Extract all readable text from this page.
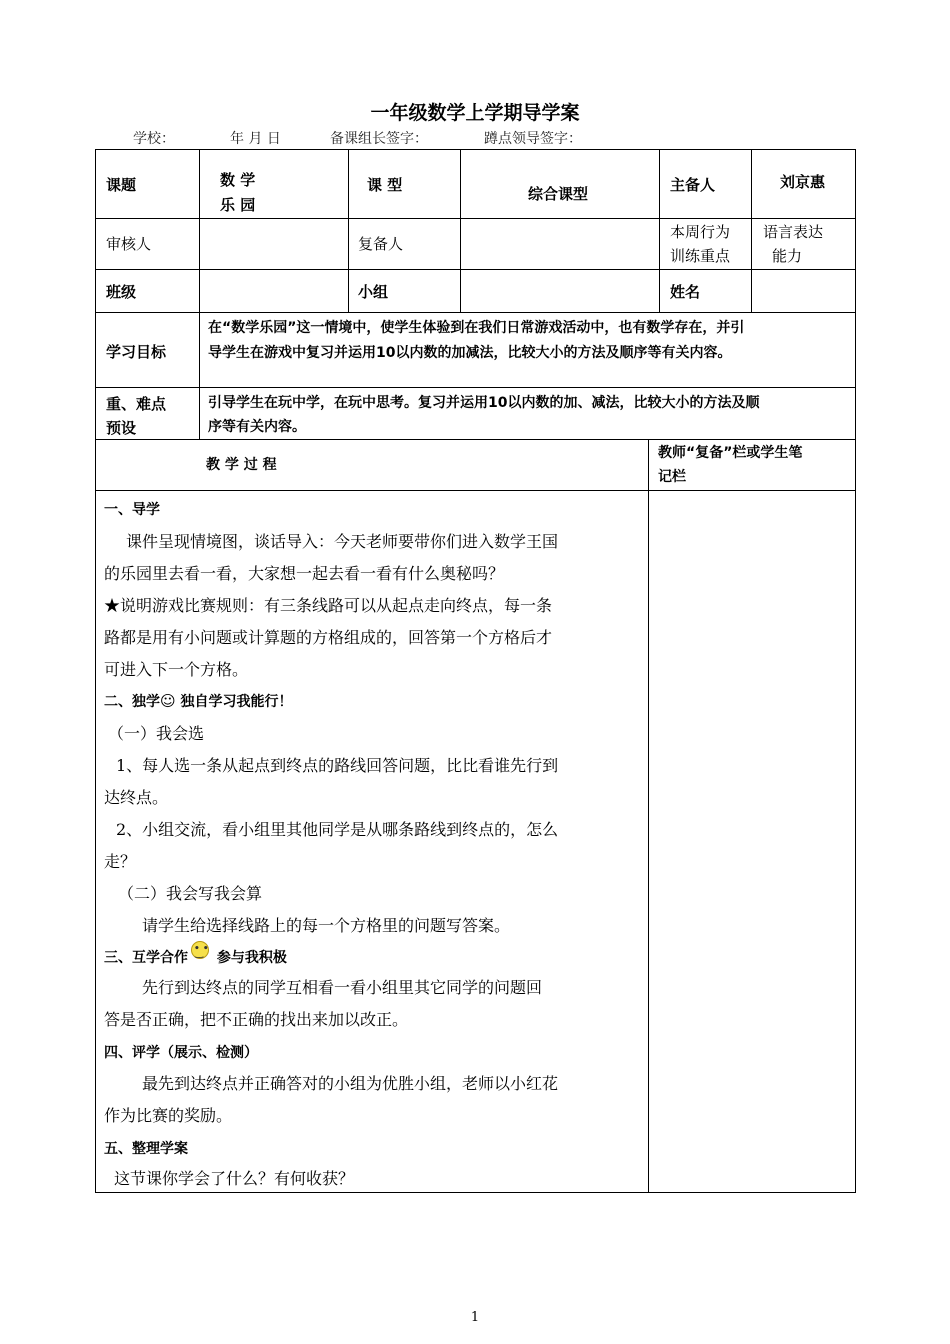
一年级数学上学期导学案
学校：	年 月 日	备课组长签字：	蹲点领导签字：
课题	数 学
乐 园
课 型	综合课型	主备人	刘京惠
审核人	复备人
本周行为
训练重点
语言表达
能力
班级	小组	姓名
学习目标
在“数学乐园”这一情境中，使学生体验到在我们日常游戏活动中，也有数学存在，并引
导学生在游戏中复习并运用10以内数的加减法，比较大小的方法及顺序等有关内容。
重、难点
预设
引导学生在玩中学，在玩中思考。复习并运用10以内数的加、减法，比较大小的方法及顺
序等有关内容。
教 学 过 程
教师“复备”栏或学生笔
记栏
一、导学
课件呈现情境图，谈话导入：今天老师要带你们进入数学王国
的乐园里去看一看，大家想一起去看一看有什么奥秘吗？
★说明游戏比赛规则：有三条线路可以从起点走向终点，每一条
路都是用有小问题或计算题的方格组成的，回答第一个方格后才
可进入下一个方格。
二、独学☺ 独自学习我能行！
（一）我会选
1、每人选一条从起点到终点的路线回答问题，比比看谁先行到
达终点。
2、小组交流，看小组里其他同学是从哪条路线到终点的，怎么
走？
（二）我会写我会算
请学生给选择线路上的每一个方格里的问题写答案。
三、互学合作• • ‿ 参与我积极
先行到达终点的同学互相看一看小组里其它同学的问题回
答是否正确，把不正确的找出来加以改正。
四、评学（展示、检测）
最先到达终点并正确答对的小组为优胜小组，老师以小红花
作为比赛的奖励。
五、整理学案
这节课你学会了什么？有何收获？
1
